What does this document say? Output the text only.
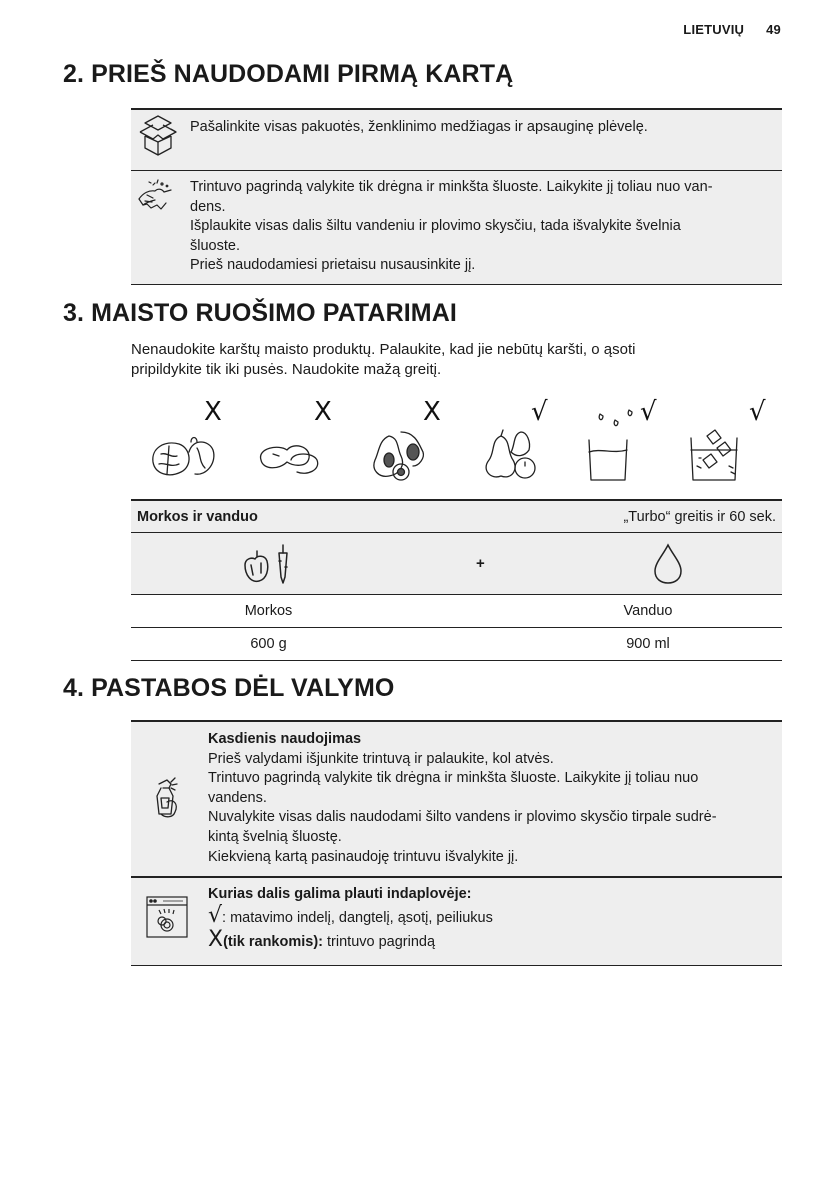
LIETUVIŲ 49
2. PRIEŠ NAUDODAMI PIRMĄ KARTĄ
Pašalinkite visas pakuotės, ženklinimo medžiagas ir apsauginę plėvelę.
Trintuvo pagrindą valykite tik drėgna ir minkšta šluoste. Laikykite jį toliau nuo van-
dens.
Išplaukite visas dalis šiltu vandeniu ir plovimo skysčiu, tada išvalykite švelnia
šluoste.
Prieš naudodamiesi prietaisu nusausinkite jį.
3. MAISTO RUOŠIMO PATARIMAI
Nenaudokite karštų maisto produktų. Palaukite, kad jie nebūtų karšti, o ąsoti
pripildykite tik iki pusės. Naudokite mažą greitį.
X	X	X	√	√	√
Morkos ir vanduo	„Turbo“ greitis ir 60 sek.
+
Morkos	Vanduo
600 g	900 ml
4. PASTABOS DĖL VALYMO
Kasdienis naudojimas
Prieš valydami išjunkite trintuvą ir palaukite, kol atvės.
Trintuvo pagrindą valykite tik drėgna ir minkšta šluoste. Laikykite jį toliau nuo
vandens.
Nuvalykite visas dalis naudodami šilto vandens ir plovimo skysčio tirpale sudrė-
kintą švelnią šluostę.
Kiekvieną kartą pasinaudoję trintuvu išvalykite jį.
Kurias dalis galima plauti indaplovėje:
√: matavimo indelį, dangtelį, ąsotį, peiliukus
X(tik rankomis): trintuvo pagrindą
